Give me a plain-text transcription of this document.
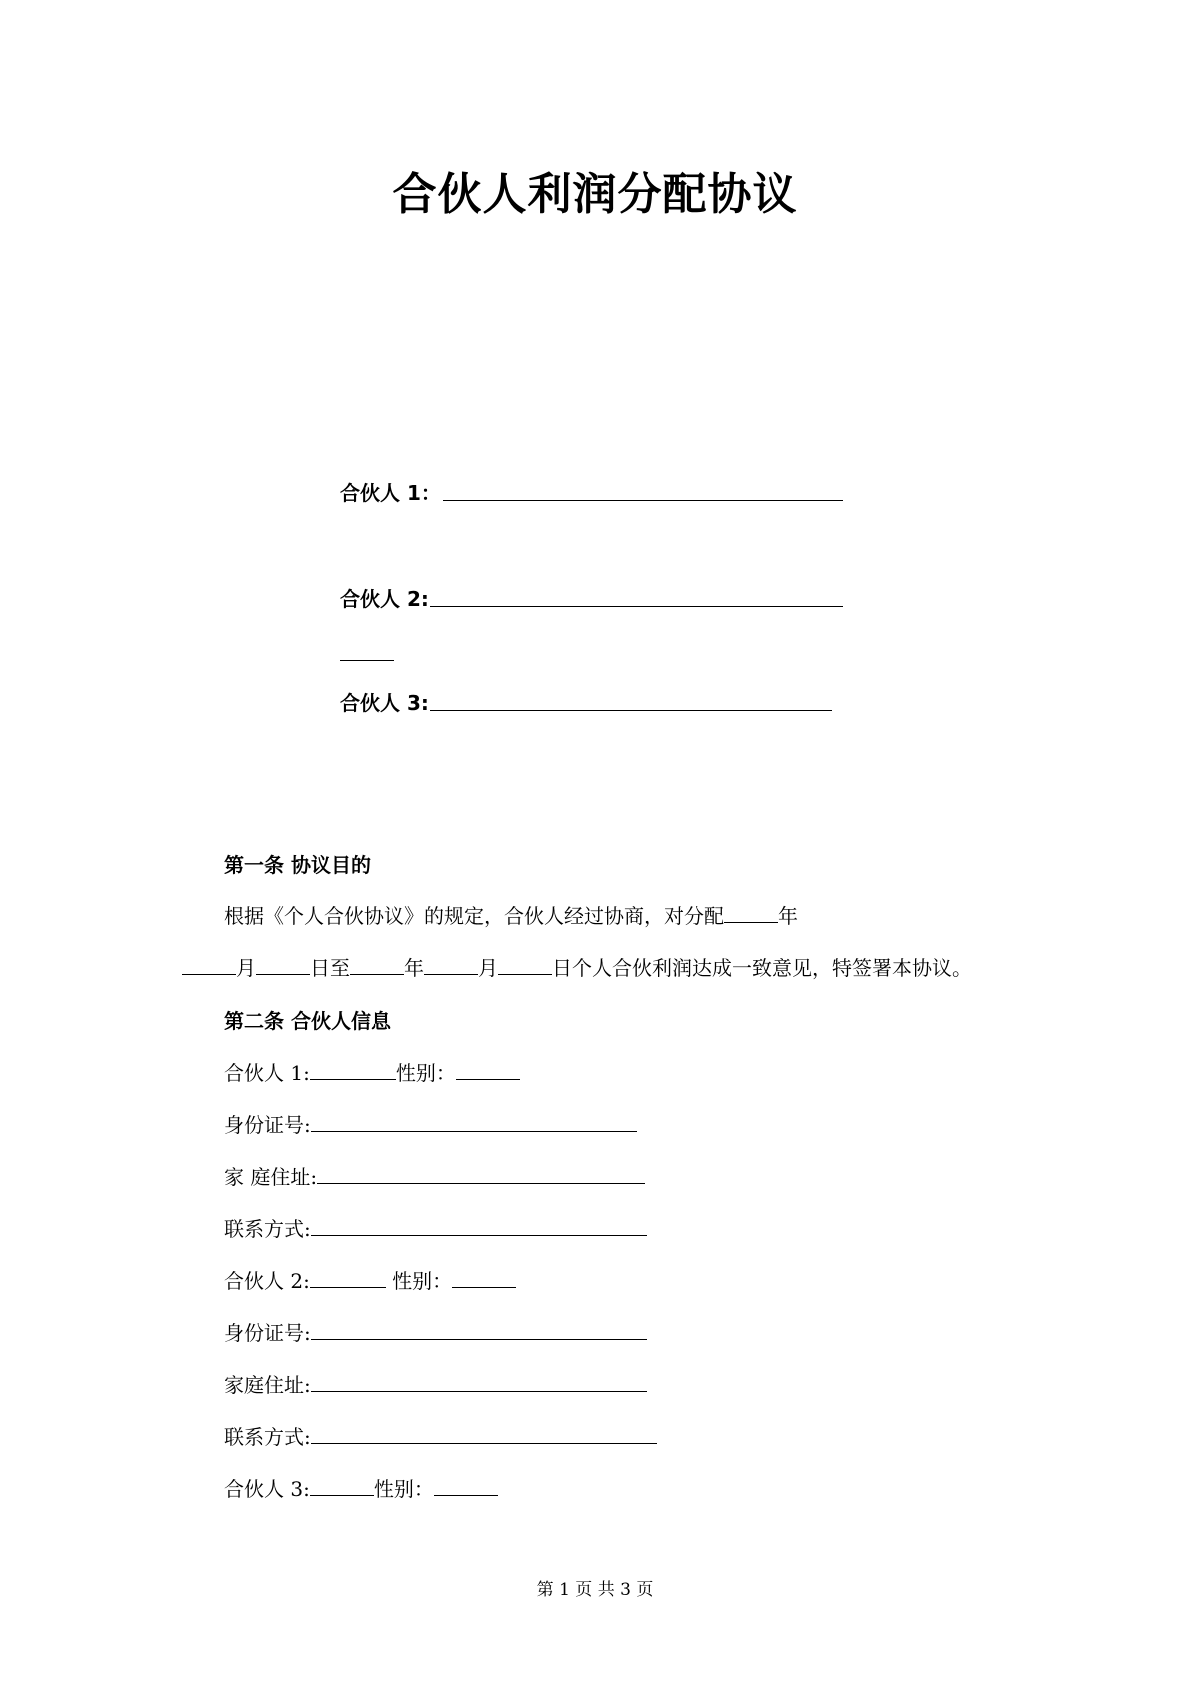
合伙人利润分配协议
合伙人 1：
合伙人 2:
合伙人 3:
第一条 协议目的
根据《个人合伙协议》的规定，合伙人经过协商，对分配	年
月	日至	年	月	日个人合伙利润达成一致意见，特签署本协议。
第二条 合伙人信息
合伙人 1:	性别：
身份证号:
家 庭住址:
联系方式:
合伙人 2:	性别：
身份证号:
家庭住址:
联系方式:
合伙人 3:	性别：
第 1 页 共 3 页
